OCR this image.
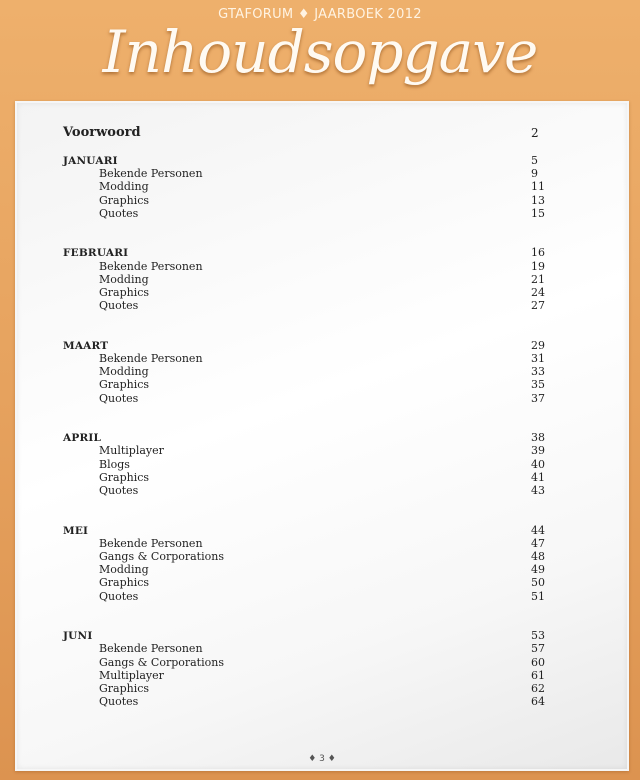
GTAFORUM ♦ JAARBOEK 2012
Inhoudsopgave
Voorwoord	2
JANUARI	5
Bekende Personen	9
Modding	11
Graphics	13
Quotes	15
FEBRUARI	16
Bekende Personen	19
Modding	21
Graphics	24
Quotes	27
MAART	29
Bekende Personen	31
Modding	33
Graphics	35
Quotes	37
APRIL	38
Multiplayer	39
Blogs	40
Graphics	41
Quotes	43
MEI	44
Bekende Personen	47
Gangs & Corporations	48
Modding	49
Graphics	50
Quotes	51
JUNI	53
Bekende Personen	57
Gangs & Corporations	60
Multiplayer	61
Graphics	62
Quotes	64
♦ 3 ♦
